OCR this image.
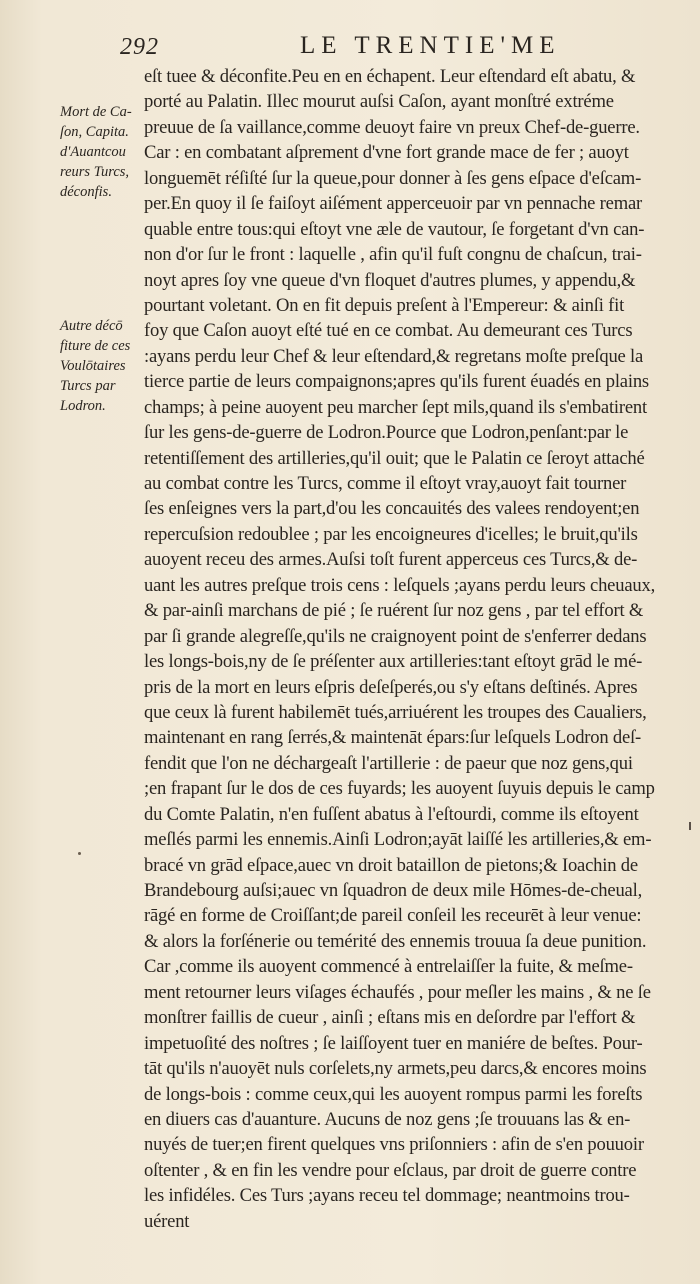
292	LE TRENTIE'ME
Mort de Ca-
ſon, Capita.
d'Auantcou
reurs Turcs,
déconfis.
Autre décō
fiture de ces
Voulōtaires
Turcs par
Lodron.
eſt tuee & déconfite.Peu en en échapent. Leur eſtendard eſt abatu, &
porté au Palatin. Illec mourut auſsi Caſon, ayant monſtré extréme
preuue de ſa vaillance,comme deuoyt faire vn preux Chef-de-guerre.
Car : en combatant aſprement d'vne fort grande mace de fer ; auoyt
longuemēt réſiſté ſur la queue,pour donner à ſes gens eſpace d'eſcam-
per.En quoy il ſe faiſoyt aiſément apperceuoir par vn pennache remar
quable entre tous:qui eſtoyt vne æle de vautour, ſe forgetant d'vn can-
non d'or ſur le front : laquelle , afin qu'il fuſt congnu de chaſcun, trai-
noyt apres ſoy vne queue d'vn floquet d'autres plumes, y appendu,&
pourtant voletant. On en fit depuis preſent à l'Empereur: & ainſi fit
foy que Caſon auoyt eſté tué en ce combat. Au demeurant ces Turcs
:ayans perdu leur Chef & leur eſtendard,& regretans moſte preſque la
tierce partie de leurs compaignons;apres qu'ils furent éuadés en plains
champs; à peine auoyent peu marcher ſept mils,quand ils s'embatirent
ſur les gens-de-guerre de Lodron.Pource que Lodron,penſant:par le
retentiſſement des artilleries,qu'il ouit; que le Palatin ce ſeroyt attaché
au combat contre les Turcs, comme il eſtoyt vray,auoyt fait tourner
ſes enſeignes vers la part,d'ou les concauités des valees rendoyent;en
repercuſsion redoublee ; par les encoigneures d'icelles; le bruit,qu'ils
auoyent receu des armes.Auſsi toſt furent apperceus ces Turcs,& de-
uant les autres preſque trois cens : leſquels ;ayans perdu leurs cheuaux,
& par-ainſi marchans de pié ; ſe ruérent ſur noz gens , par tel effort &
par ſi grande alegreſſe,qu'ils ne craignoyent point de s'enferrer dedans
les longs-bois,ny de ſe préſenter aux artilleries:tant eſtoyt grād le mé-
pris de la mort en leurs eſpris deſeſperés,ou s'y eſtans deſtinés. Apres
que ceux là furent habilemēt tués,arriuérent les troupes des Caualiers,
maintenant en rang ſerrés,& maintenāt épars:ſur leſquels Lodron deſ-
fendit que l'on ne déchargeaſt l'artillerie : de paeur que noz gens,qui
;en frapant ſur le dos de ces fuyards; les auoyent ſuyuis depuis le camp
du Comte Palatin, n'en fuſſent abatus à l'eſtourdi, comme ils eſtoyent
meſlés parmi les ennemis.Ainſi Lodron;ayāt laiſſé les artilleries,& em-
bracé vn grād eſpace,auec vn droit bataillon de pietons;& Ioachin de
Brandebourg auſsi;auec vn ſquadron de deux mile Hōmes-de-cheual,
rāgé en forme de Croiſſant;de pareil conſeil les receurēt à leur venue:
& alors la forſénerie ou temérité des ennemis trouua ſa deue punition.
Car ,comme ils auoyent commencé à entrelaiſſer la fuite, & meſme-
ment retourner leurs viſages échaufés , pour meſler les mains , & ne ſe
monſtrer faillis de cueur , ainſi ; eſtans mis en deſordre par l'effort &
impetuoſité des noſtres ; ſe laiſſoyent tuer en maniére de beſtes. Pour-
tāt qu'ils n'auoyēt nuls corſelets,ny armets,peu darcs,& encores moins
de longs-bois : comme ceux,qui les auoyent rompus parmi les foreſts
en diuers cas d'auanture. Aucuns de noz gens ;ſe trouuans las & en-
nuyés de tuer;en firent quelques vns priſonniers : afin de s'en pouuoir
oſtenter , & en fin les vendre pour eſclaus, par droit de guerre contre
les infidéles. Ces Turs ;ayans receu tel dommage; neantmoins trou-
uérent
